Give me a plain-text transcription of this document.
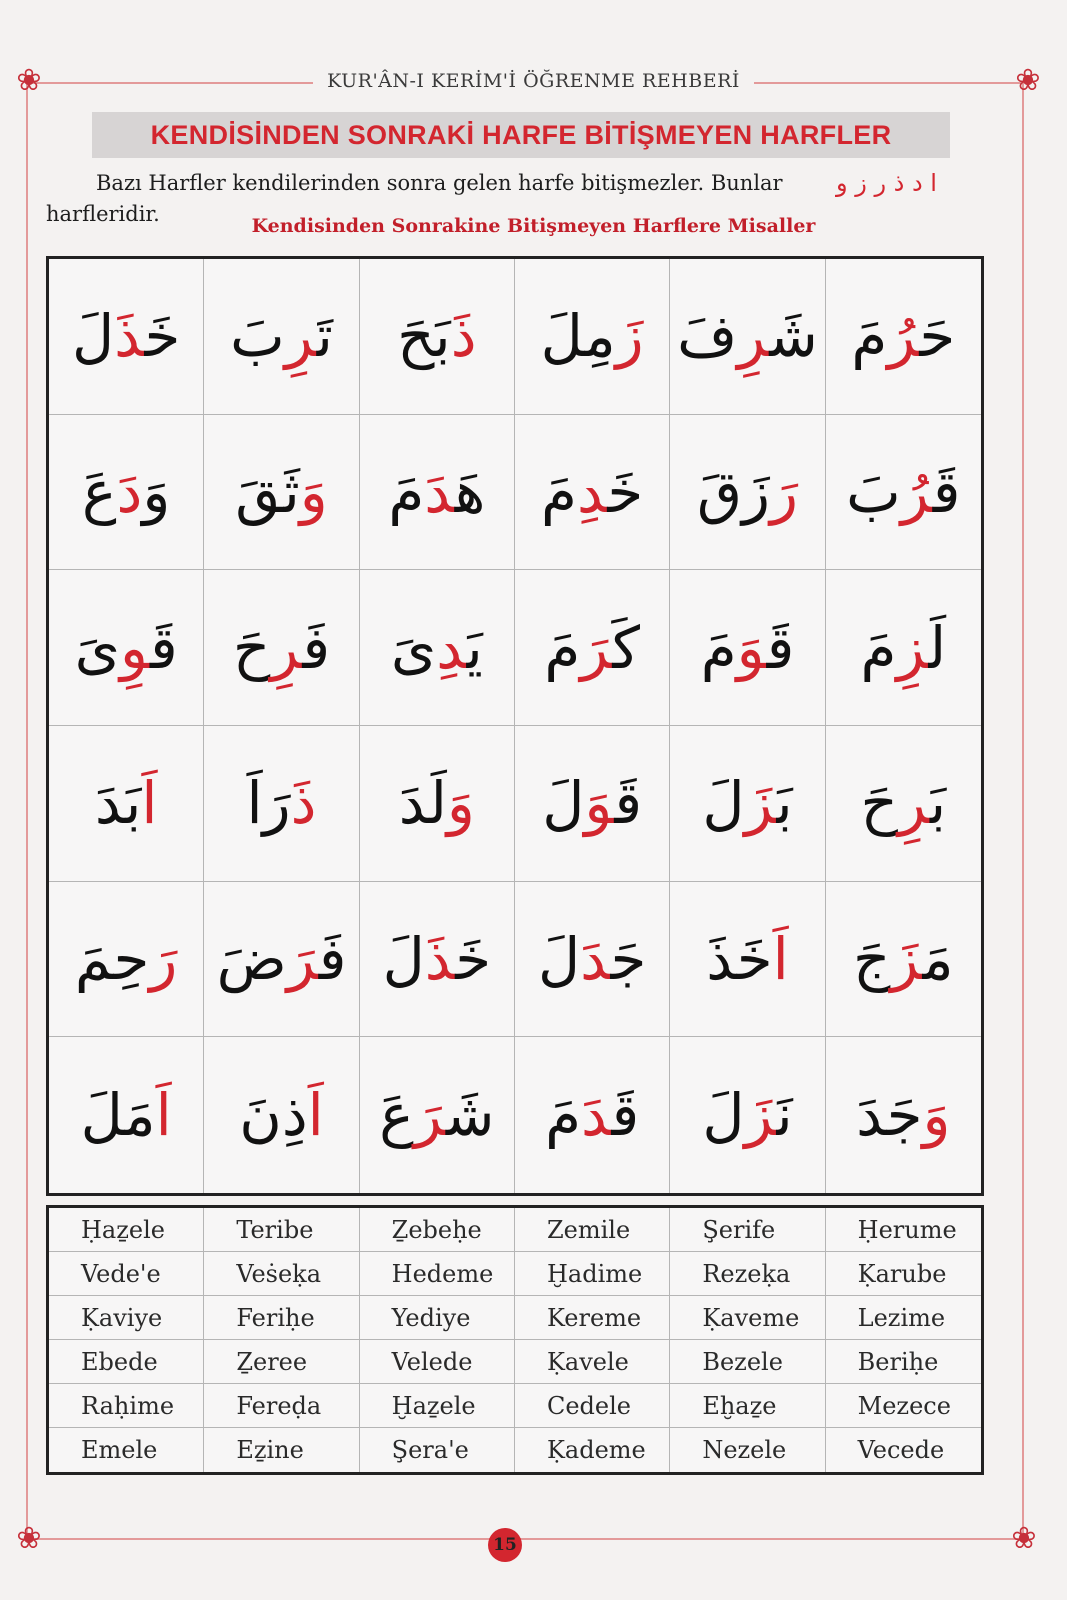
❀	❀
❀	❀
KUR'ÂN-I KERİM'İ ÖĞRENME REHBERİ
KENDİSİNDEN SONRAKİ HARFE BİTİŞMEYEN HARFLER
Bazı Harfler kendilerinden sonra gelen harfe bitişmezler. Bunlar
harfleridir.
ا د ذ ر ز و
Kendisinden Sonrakine Bitişmeyen Harflere Misaller
خَذَلَ	تَرِبَ	ذَبَحَ	زَمِلَ	شَرِفَ	حَرُمَ
وَدَعَ	وَثَقَ	هَدَمَ	خَدِمَ	رَزَقَ	قَرُبَ
قَوِىَ	فَرِحَ	يَدِىَ	كَرَمَ	قَوَمَ	لَزِمَ
اَبَدَ	ذَرَاَ	وَلَدَ	قَوَلَ	بَزَلَ	بَرِحَ
رَحِمَ	فَرَضَ	خَذَلَ	جَدَلَ	اَخَذَ	مَزَجَ
اَمَلَ	اَذِنَ	شَرَعَ	قَدَمَ	نَزَلَ	وَجَدَ
Ḥaẕele	Teribe	Ẕebeḥe	Zemile	Şerife	Ḥerume
Vede'e	Veṡeḳa	Hedeme	Ḫadime	Rezeḳa	Ḳarube
Ḳaviye	Feriḥe	Yediye	Kereme	Ḳaveme	Lezime
Ebede	Ẕeree	Velede	Ḳavele	Bezele	Beriḥe
Raḥime	Fereḍa	Ḫaẕele	Cedele	Eḫaẕe	Mezece
Emele	Eẕine	Şera'e	Ḳademe	Nezele	Vecede
15
